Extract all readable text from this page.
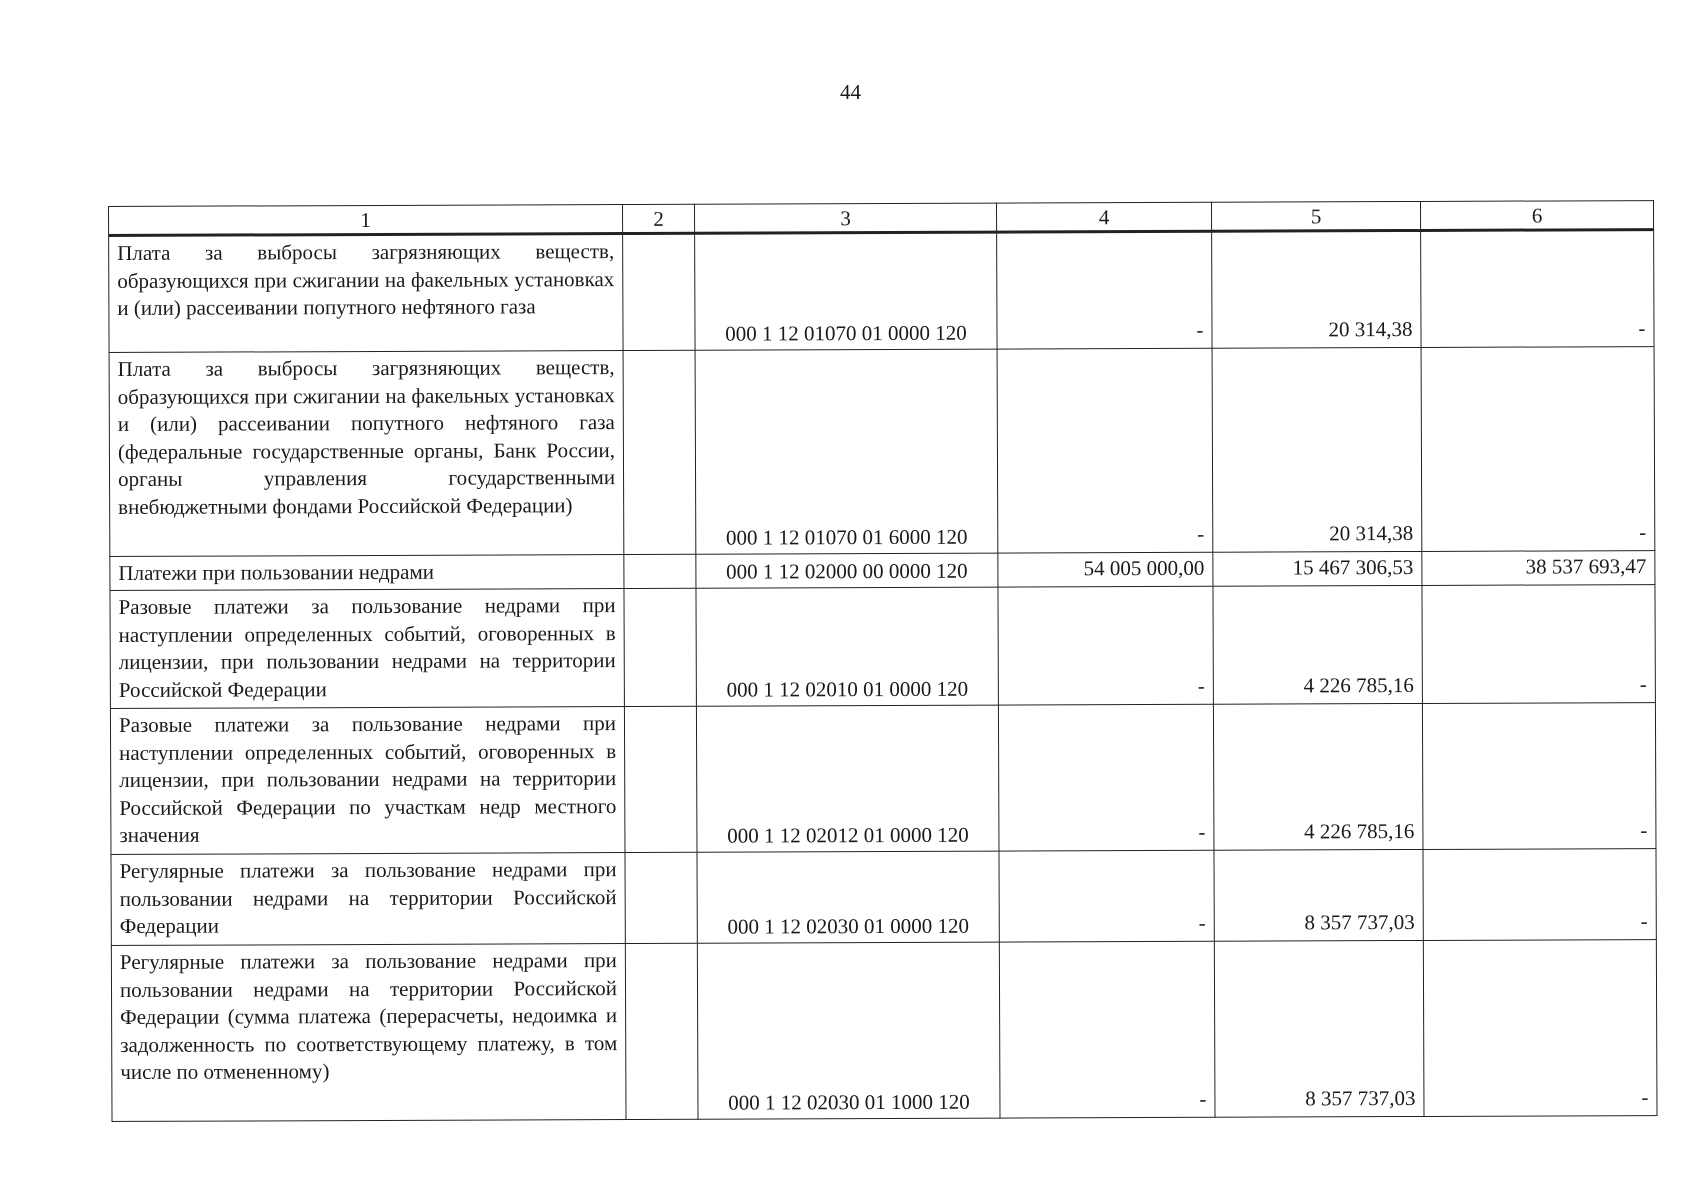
44
1	2	3	4	5	6
Плата за выбросы загрязняющих веществ, образующихся при сжигании на факельных установках и (или) рассеивании попутного нефтяного газа		000 1 12 01070 01 0000 120	-	20 314,38	-
Плата за выбросы загрязняющих веществ, образующихся при сжигании на факельных установках и (или) рассеивании попутного нефтяного газа (федеральные государственные органы, Банк России, органы управления государственными внебюджетными фондами Российской Федерации)		000 1 12 01070 01 6000 120	-	20 314,38	-
Платежи при пользовании недрами		000 1 12 02000 00 0000 120	54 005 000,00	15 467 306,53	38 537 693,47
Разовые платежи за пользование недрами при наступлении определенных событий, оговоренных в лицензии, при пользовании недрами на территории Российской Федерации		000 1 12 02010 01 0000 120	-	4 226 785,16	-
Разовые платежи за пользование недрами при наступлении определенных событий, оговоренных в лицензии, при пользовании недрами на территории Российской Федерации по участкам недр местного значения		000 1 12 02012 01 0000 120	-	4 226 785,16	-
Регулярные платежи за пользование недрами при пользовании недрами на территории Российской Федерации		000 1 12 02030 01 0000 120	-	8 357 737,03	-
Регулярные платежи за пользование недрами при пользовании недрами на территории Российской Федерации (сумма платежа (перерасчеты, недоимка и задолженность по соответствующему платежу, в том числе по отмененному)		000 1 12 02030 01 1000 120	-	8 357 737,03	-
